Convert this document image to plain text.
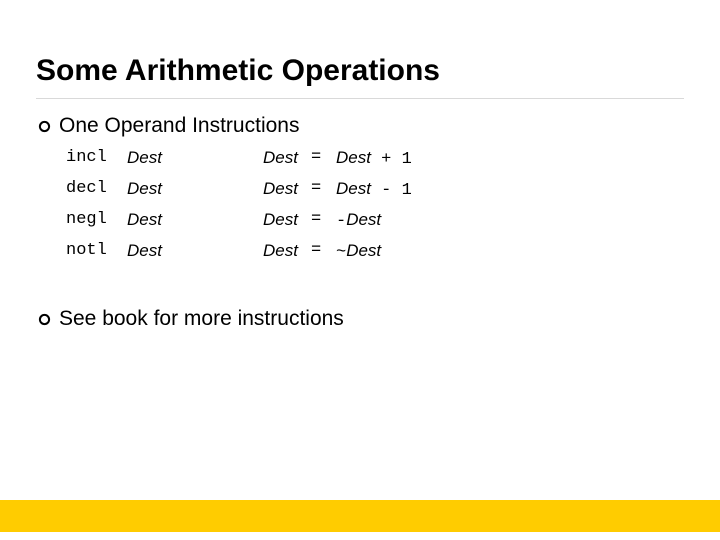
Some Arithmetic Operations
One Operand Instructions
incl Dest	Dest = Dest + 1
decl Dest	Dest = Dest - 1
negl Dest	Dest = -Dest
notl Dest	Dest = ~Dest
See book for more instructions
